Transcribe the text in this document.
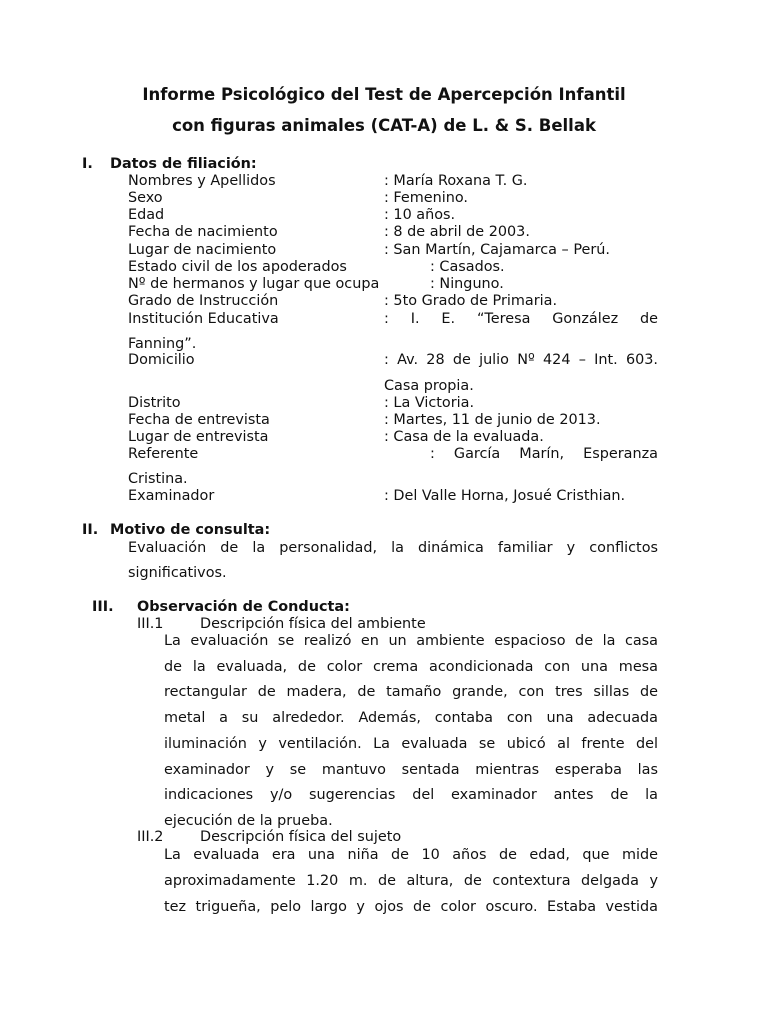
Informe Psicológico del Test de Apercepción Infantil
con figuras animales (CAT-A) de L. & S. Bellak
I. Datos de filiación:
Nombres y Apellidos	: María Roxana T. G.
Sexo	: Femenino.
Edad	: 10 años.
Fecha de nacimiento	: 8 de abril de 2003.
Lugar de nacimiento	: San Martín, Cajamarca – Perú.
Estado civil de los apoderados	: Casados.
Nº de hermanos y lugar que ocupa	: Ninguno.
Grado de Instrucción	: 5to Grado de Primaria.
Institución Educativa	: I. E. “Teresa González de
Fanning”.
Domicilio	: Av. 28 de julio Nº 424 – Int. 603.
Casa propia.
Distrito	: La Victoria.
Fecha de entrevista	: Martes, 11 de junio de 2013.
Lugar de entrevista	: Casa de la evaluada.
Referente	: García Marín, Esperanza
Cristina.
Examinador	: Del Valle Horna, Josué Cristhian.
II. Motivo de consulta:
Evaluación de la personalidad, la dinámica familiar y conflictos
significativos.
III. Observación de Conducta:
III.1	Descripción física del ambiente
La evaluación se realizó en un ambiente espacioso de la casa
de la evaluada, de color crema acondicionada con una mesa
rectangular de madera, de tamaño grande, con tres sillas de
metal a su alrededor. Además, contaba con una adecuada
iluminación y ventilación. La evaluada se ubicó al frente del
examinador y se mantuvo sentada mientras esperaba las
indicaciones y/o sugerencias del examinador antes de la
ejecución de la prueba.
III.2	Descripción física del sujeto
La evaluada era una niña de 10 años de edad, que mide
aproximadamente 1.20 m. de altura, de contextura delgada y
tez trigueña, pelo largo y ojos de color oscuro. Estaba vestida
